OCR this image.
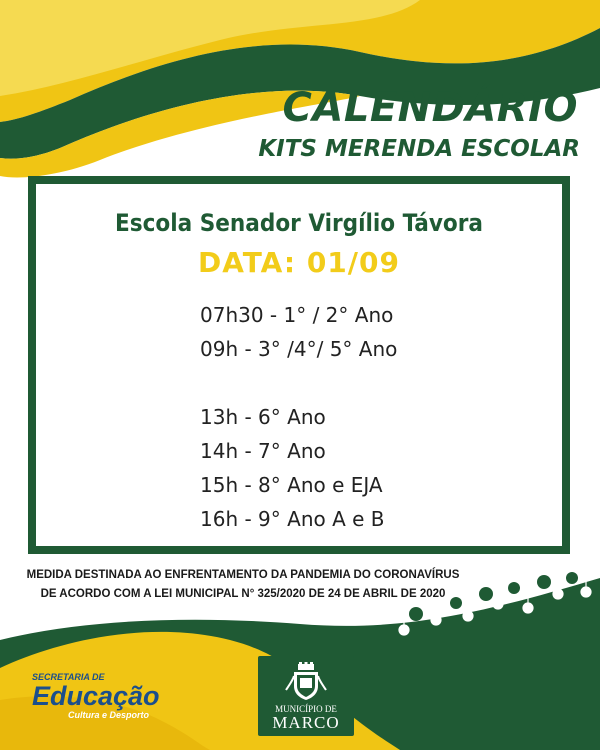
CALENDÁRIO
KITS MERENDA ESCOLAR
Escola Senador Virgílio Távora
DATA: 01/09
07h30 - 1° / 2° Ano
09h - 3° /4°/ 5° Ano
13h - 6° Ano
14h - 7° Ano
15h - 8° Ano e EJA
16h - 9° Ano A e B
MEDIDA DESTINADA AO ENFRENTAMENTO DA PANDEMIA DO CORONAVÍRUS
DE ACORDO COM A LEI MUNICIPAL N° 325/2020 DE 24 DE ABRIL DE 2020
SECRETARIA DE
Educação
Cultura e Desporto
MUNICÍPIO DE
MARCO
